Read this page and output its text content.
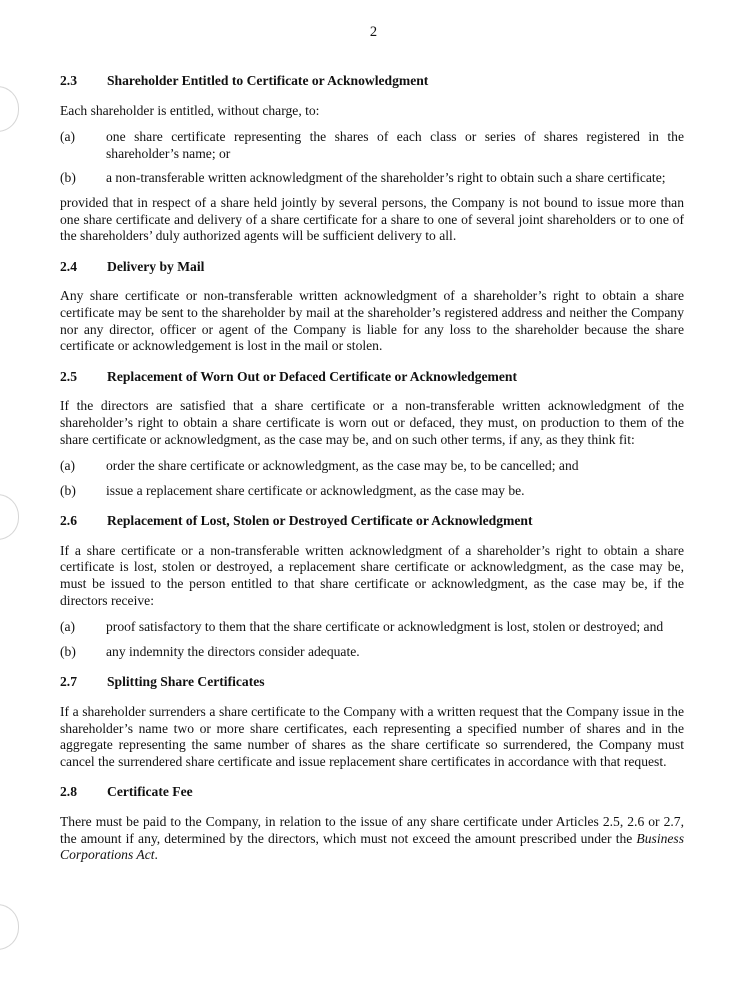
2
2.3	Shareholder Entitled to Certificate or Acknowledgment

Each shareholder is entitled, without charge, to:

(a)	one share certificate representing the shares of each class or series of shares registered in the shareholder’s name; or
(b)	a non-transferable written acknowledgment of the shareholder’s right to obtain such a share certificate;

provided that in respect of a share held jointly by several persons, the Company is not bound to issue more than one share certificate and delivery of a share certificate for a share to one of several joint shareholders or to one of the shareholders’ duly authorized agents will be sufficient delivery to all.

2.4	Delivery by Mail

Any share certificate or non-transferable written acknowledgment of a shareholder’s right to obtain a share certificate may be sent to the shareholder by mail at the shareholder’s registered address and neither the Company nor any director, officer or agent of the Company is liable for any loss to the shareholder because the share certificate or acknowledgement is lost in the mail or stolen.

2.5	Replacement of Worn Out or Defaced Certificate or Acknowledgement

If the directors are satisfied that a share certificate or a non-transferable written acknowledgment of the shareholder’s right to obtain a share certificate is worn out or defaced, they must, on production to them of the share certificate or acknowledgment, as the case may be, and on such other terms, if any, as they think fit:

(a)	order the share certificate or acknowledgment, as the case may be, to be cancelled; and
(b)	issue a replacement share certificate or acknowledgment, as the case may be.
2.6	Replacement of Lost, Stolen or Destroyed Certificate or Acknowledgment

If a share certificate or a non-transferable written acknowledgment of a shareholder’s right to obtain a share certificate is lost, stolen or destroyed, a replacement share certificate or acknowledgment, as the case may be, must be issued to the person entitled to that share certificate or acknowledgment, as the case may be, if the directors receive:

(a)	proof satisfactory to them that the share certificate or acknowledgment is lost, stolen or destroyed; and
(b)	any indemnity the directors consider adequate.
2.7	Splitting Share Certificates

If a shareholder surrenders a share certificate to the Company with a written request that the Company issue in the shareholder’s name two or more share certificates, each representing a specified number of shares and in the aggregate representing the same number of shares as the share certificate so surrendered, the Company must cancel the surrendered share certificate and issue replacement share certificates in accordance with that request.

2.8	Certificate Fee

There must be paid to the Company, in relation to the issue of any share certificate under Articles 2.5, 2.6 or 2.7, the amount if any, determined by the directors, which must not exceed the amount prescribed under the Business Corporations Act.
